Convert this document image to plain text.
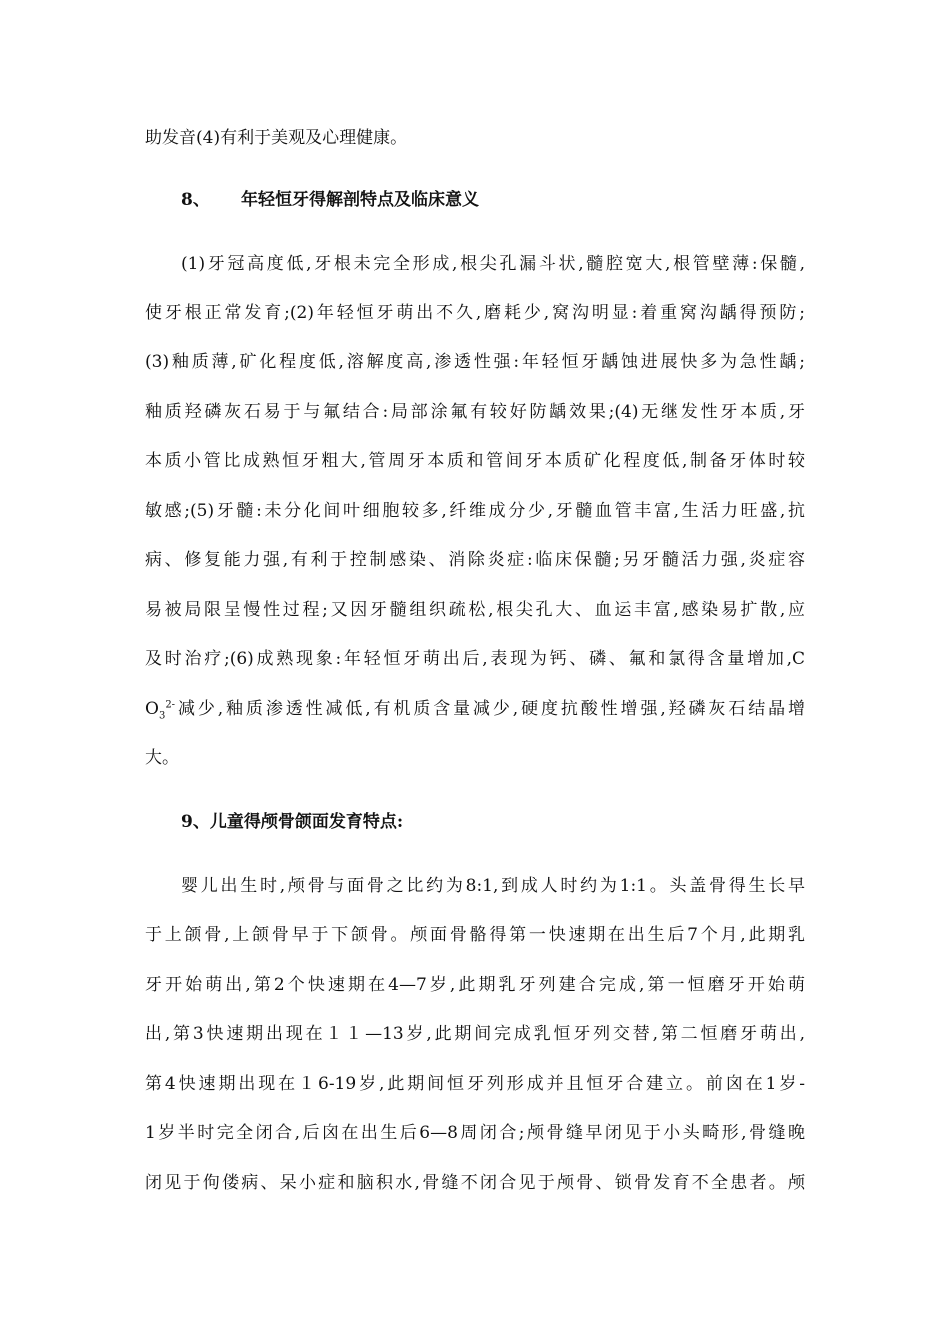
助发音(4)有利于美观及心理健康。
8、 年轻恒牙得解剖特点及临床意义
(1)牙冠高度低,牙根未完全形成,根尖孔漏斗状,髓腔宽大,根管壁薄:保髓,
使牙根正常发育;(2)年轻恒牙萌出不久,磨耗少,窝沟明显:着重窝沟龋得预防;
(3)釉质薄,矿化程度低,溶解度高,渗透性强:年轻恒牙龋蚀进展快多为急性龋;
釉质羟磷灰石易于与氟结合:局部涂氟有较好防龋效果;(4)无继发性牙本质,牙
本质小管比成熟恒牙粗大,管周牙本质和管间牙本质矿化程度低,制备牙体时较
敏感;(5)牙髓:未分化间叶细胞较多,纤维成分少,牙髓血管丰富,生活力旺盛,抗
病、修复能力强,有利于控制感染、消除炎症:临床保髓;另牙髓活力强,炎症容
易被局限呈慢性过程;又因牙髓组织疏松,根尖孔大、血运丰富,感染易扩散,应
及时治疗;(6)成熟现象:年轻恒牙萌出后,表现为钙、磷、氟和氯得含量增加,C
$O_3^{2-}$减少,釉质渗透性减低,有机质含量减少,硬度抗酸性增强,羟磷灰石结晶增
大。
9、儿童得颅骨颌面发育特点:
婴儿出生时,颅骨与面骨之比约为8:1,到成人时约为1:1。头盖骨得生长早
于上颌骨,上颌骨早于下颌骨。颅面骨骼得第一快速期在出生后7个月,此期乳
牙开始萌出,第2个快速期在4—7岁,此期乳牙列建合完成,第一恒磨牙开始萌
出,第3快速期出现在１１—13岁,此期间完成乳恒牙列交替,第二恒磨牙萌出,
第4快速期出现在１6-19岁,此期间恒牙列形成并且恒牙合建立。前囟在1岁-
1岁半时完全闭合,后囟在出生后6—8周闭合;颅骨缝早闭见于小头畸形,骨缝晚
闭见于佝偻病、呆小症和脑积水,骨缝不闭合见于颅骨、锁骨发育不全患者。颅
